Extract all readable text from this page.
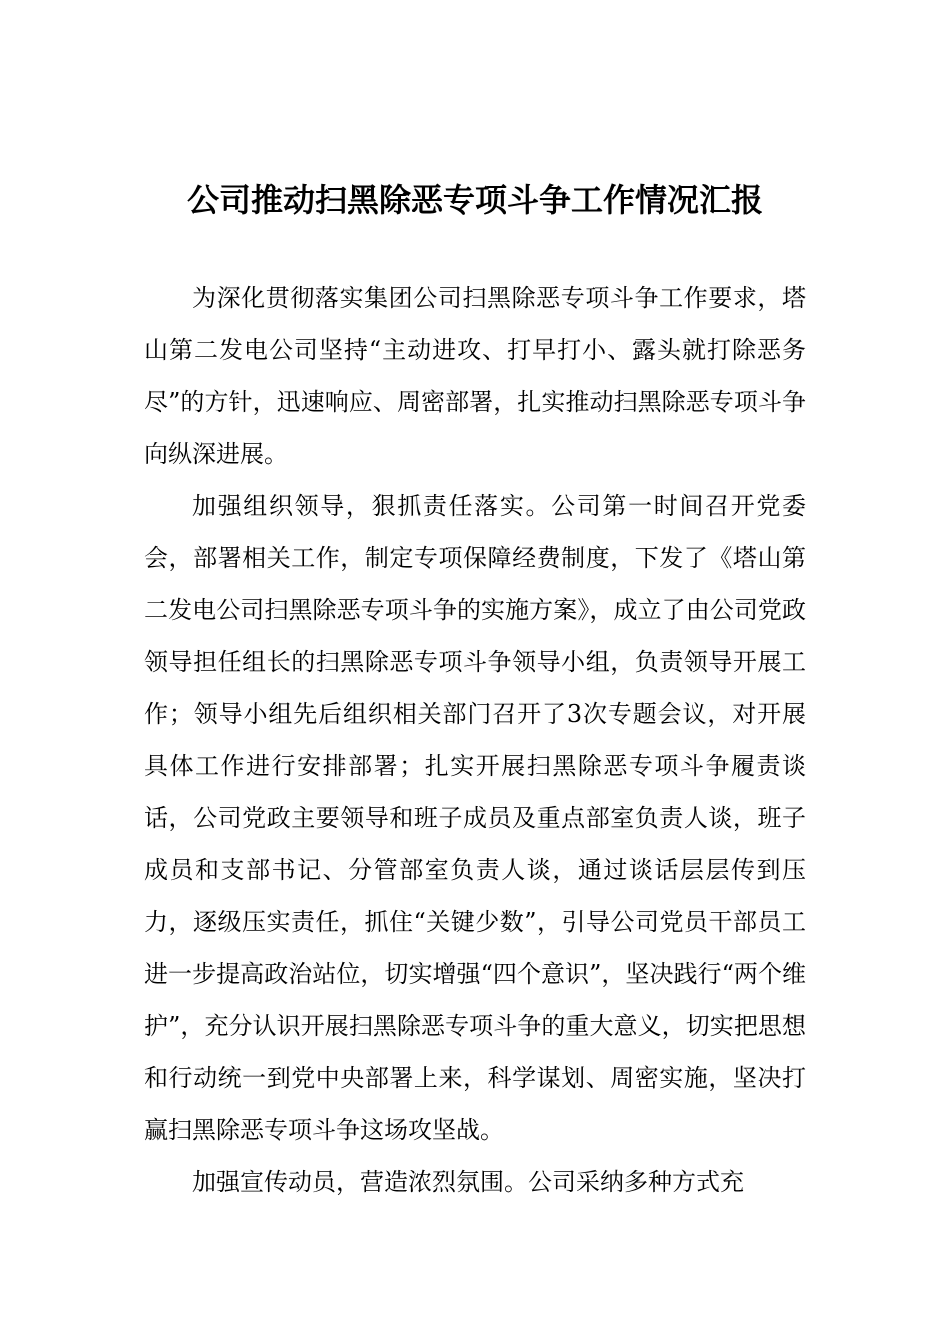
公司推动扫黑除恶专项斗争工作情况汇报

为深化贯彻落实集团公司扫黑除恶专项斗争工作要求，塔山第二发电公司坚持“主动进攻、打早打小、露头就打除恶务尽”的方针，迅速响应、周密部署，扎实推动扫黑除恶专项斗争向纵深进展。

加强组织领导，狠抓责任落实。公司第一时间召开党委会，部署相关工作，制定专项保障经费制度，下发了《塔山第二发电公司扫黑除恶专项斗争的实施方案》，成立了由公司党政领导担任组长的扫黑除恶专项斗争领导小组，负责领导开展工作；领导小组先后组织相关部门召开了3次专题会议，对开展具体工作进行安排部署；扎实开展扫黑除恶专项斗争履责谈话，公司党政主要领导和班子成员及重点部室负责人谈，班子成员和支部书记、分管部室负责人谈，通过谈话层层传到压力，逐级压实责任，抓住“关键少数”，引导公司党员干部员工进一步提高政治站位，切实增强“四个意识”，坚决践行“两个维护”，充分认识开展扫黑除恶专项斗争的重大意义，切实把思想和行动统一到党中央部署上来，科学谋划、周密实施，坚决打赢扫黑除恶专项斗争这场攻坚战。

加强宣传动员，营造浓烈氛围。公司采纳多种方式充
